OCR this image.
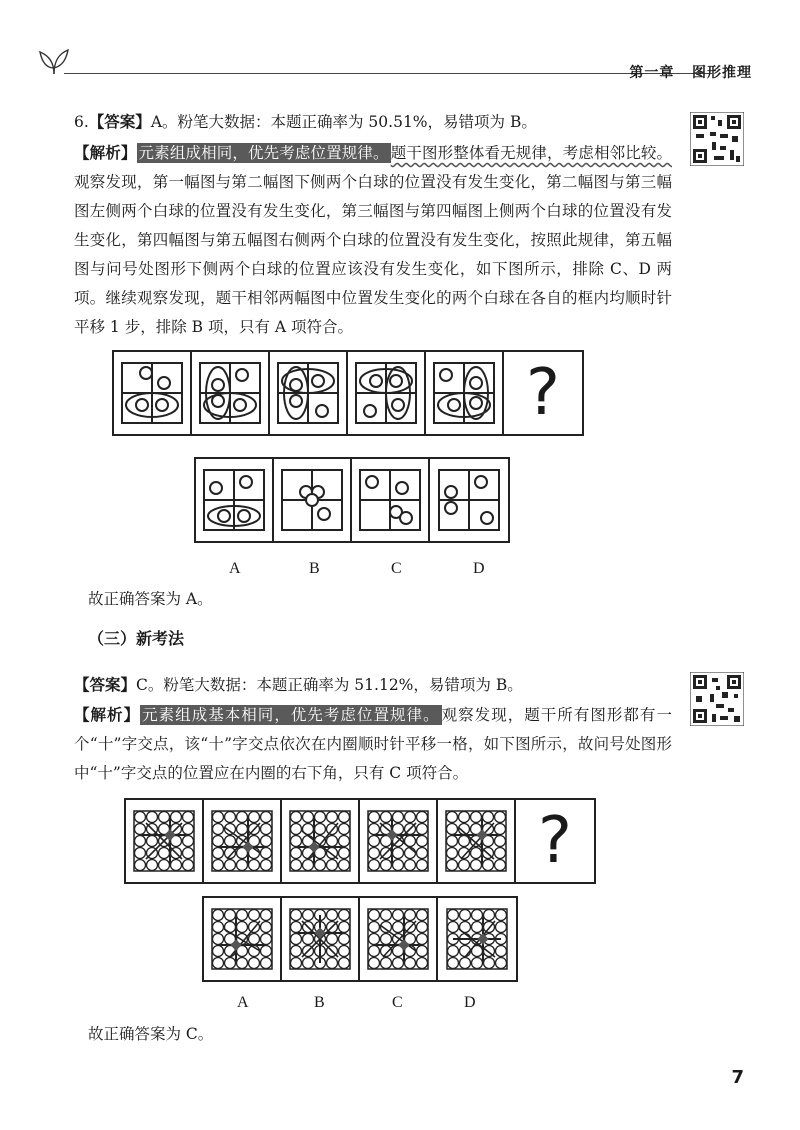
第一章 图形推理
6.【答案】A。粉笔大数据：本题正确率为 50.51%，易错项为 B。
【解析】 元素组成相同，优先考虑位置规律。 题干图形整体看无规律，考虑相邻比较。观察发现，第一幅图与第二幅图下侧两个白球的位置没有发生变化，第二幅图与第三幅图左侧两个白球的位置没有发生变化，第三幅图与第四幅图上侧两个白球的位置没有发生变化，第四幅图与第五幅图右侧两个白球的位置没有发生变化，按照此规律，第五幅图与问号处图形下侧两个白球的位置应该没有发生变化，如下图所示，排除 C、D 两项。继续观察发现，题干相邻两幅图中位置发生变化的两个白球在各自的框内均顺时针平移 1 步，排除 B 项，只有 A 项符合。
?
A	B	C	D
故正确答案为 A。
（三）新考法
【答案】C。粉笔大数据：本题正确率为 51.12%，易错项为 B。
【解析】 元素组成基本相同，优先考虑位置规律。 观察发现，题干所有图形都有一个“十”字交点，该“十”字交点依次在内圈顺时针平移一格，如下图所示，故问号处图形中“十”字交点的位置应在内圈的右下角，只有 C 项符合。
?
A	B	C	D
故正确答案为 C。
7
